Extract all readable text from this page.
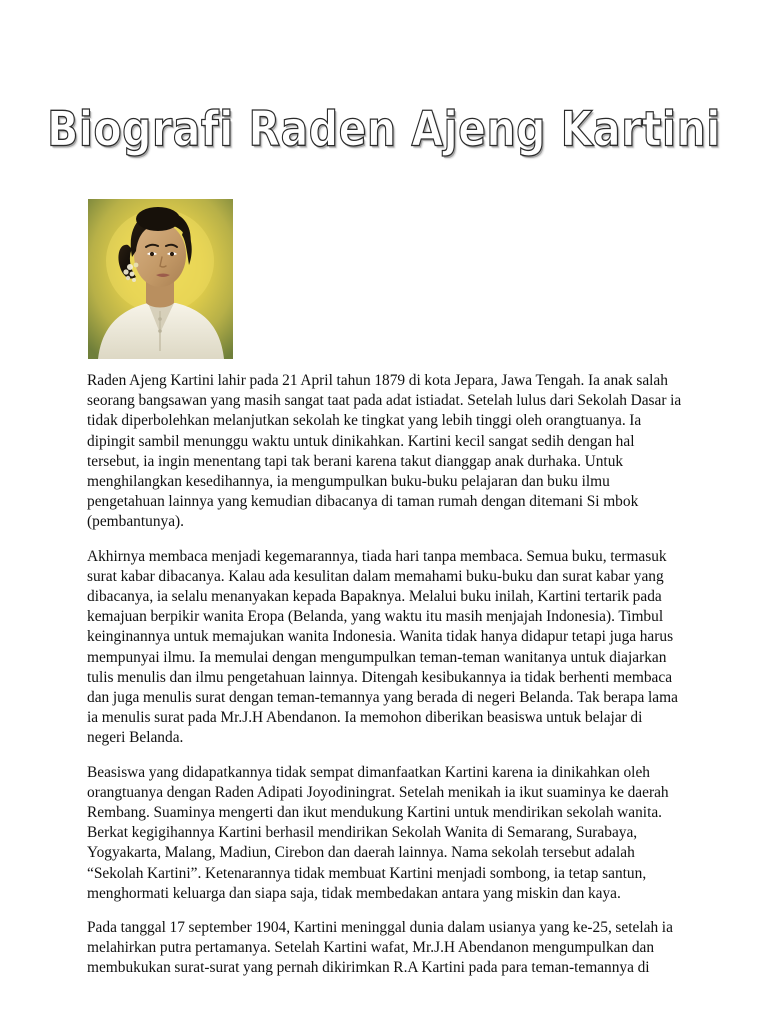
Biografi Raden Ajeng Kartini

Raden Ajeng Kartini lahir pada 21 April tahun 1879 di kota Jepara, Jawa Tengah. Ia anak salah seorang bangsawan yang masih sangat taat pada adat istiadat. Setelah lulus dari Sekolah Dasar ia tidak diperbolehkan melanjutkan sekolah ke tingkat yang lebih tinggi oleh orangtuanya. Ia dipingit sambil menunggu waktu untuk dinikahkan. Kartini kecil sangat sedih dengan hal tersebut, ia ingin menentang tapi tak berani karena takut dianggap anak durhaka. Untuk menghilangkan kesedihannya, ia mengumpulkan buku-buku pelajaran dan buku ilmu pengetahuan lainnya yang kemudian dibacanya di taman rumah dengan ditemani Si mbok (pembantunya).

Akhirnya membaca menjadi kegemarannya, tiada hari tanpa membaca. Semua buku, termasuk surat kabar dibacanya. Kalau ada kesulitan dalam memahami buku-buku dan surat kabar yang dibacanya, ia selalu menanyakan kepada Bapaknya. Melalui buku inilah, Kartini tertarik pada kemajuan berpikir wanita Eropa (Belanda, yang waktu itu masih menjajah Indonesia). Timbul keinginannya untuk memajukan wanita Indonesia. Wanita tidak hanya didapur tetapi juga harus mempunyai ilmu. Ia memulai dengan mengumpulkan teman-teman wanitanya untuk diajarkan tulis menulis dan ilmu pengetahuan lainnya. Ditengah kesibukannya ia tidak berhenti membaca dan juga menulis surat dengan teman-temannya yang berada di negeri Belanda. Tak berapa lama ia menulis surat pada Mr.J.H Abendanon. Ia memohon diberikan beasiswa untuk belajar di negeri Belanda.

Beasiswa yang didapatkannya tidak sempat dimanfaatkan Kartini karena ia dinikahkan oleh orangtuanya dengan Raden Adipati Joyodiningrat. Setelah menikah ia ikut suaminya ke daerah Rembang. Suaminya mengerti dan ikut mendukung Kartini untuk mendirikan sekolah wanita. Berkat kegigihannya Kartini berhasil mendirikan Sekolah Wanita di Semarang, Surabaya, Yogyakarta, Malang, Madiun, Cirebon dan daerah lainnya. Nama sekolah tersebut adalah “Sekolah Kartini”. Ketenarannya tidak membuat Kartini menjadi sombong, ia tetap santun, menghormati keluarga dan siapa saja, tidak membedakan antara yang miskin dan kaya.

Pada tanggal 17 september 1904, Kartini meninggal dunia dalam usianya yang ke-25, setelah ia melahirkan putra pertamanya. Setelah Kartini wafat, Mr.J.H Abendanon mengumpulkan dan membukukan surat-surat yang pernah dikirimkan R.A Kartini pada para teman-temannya di
